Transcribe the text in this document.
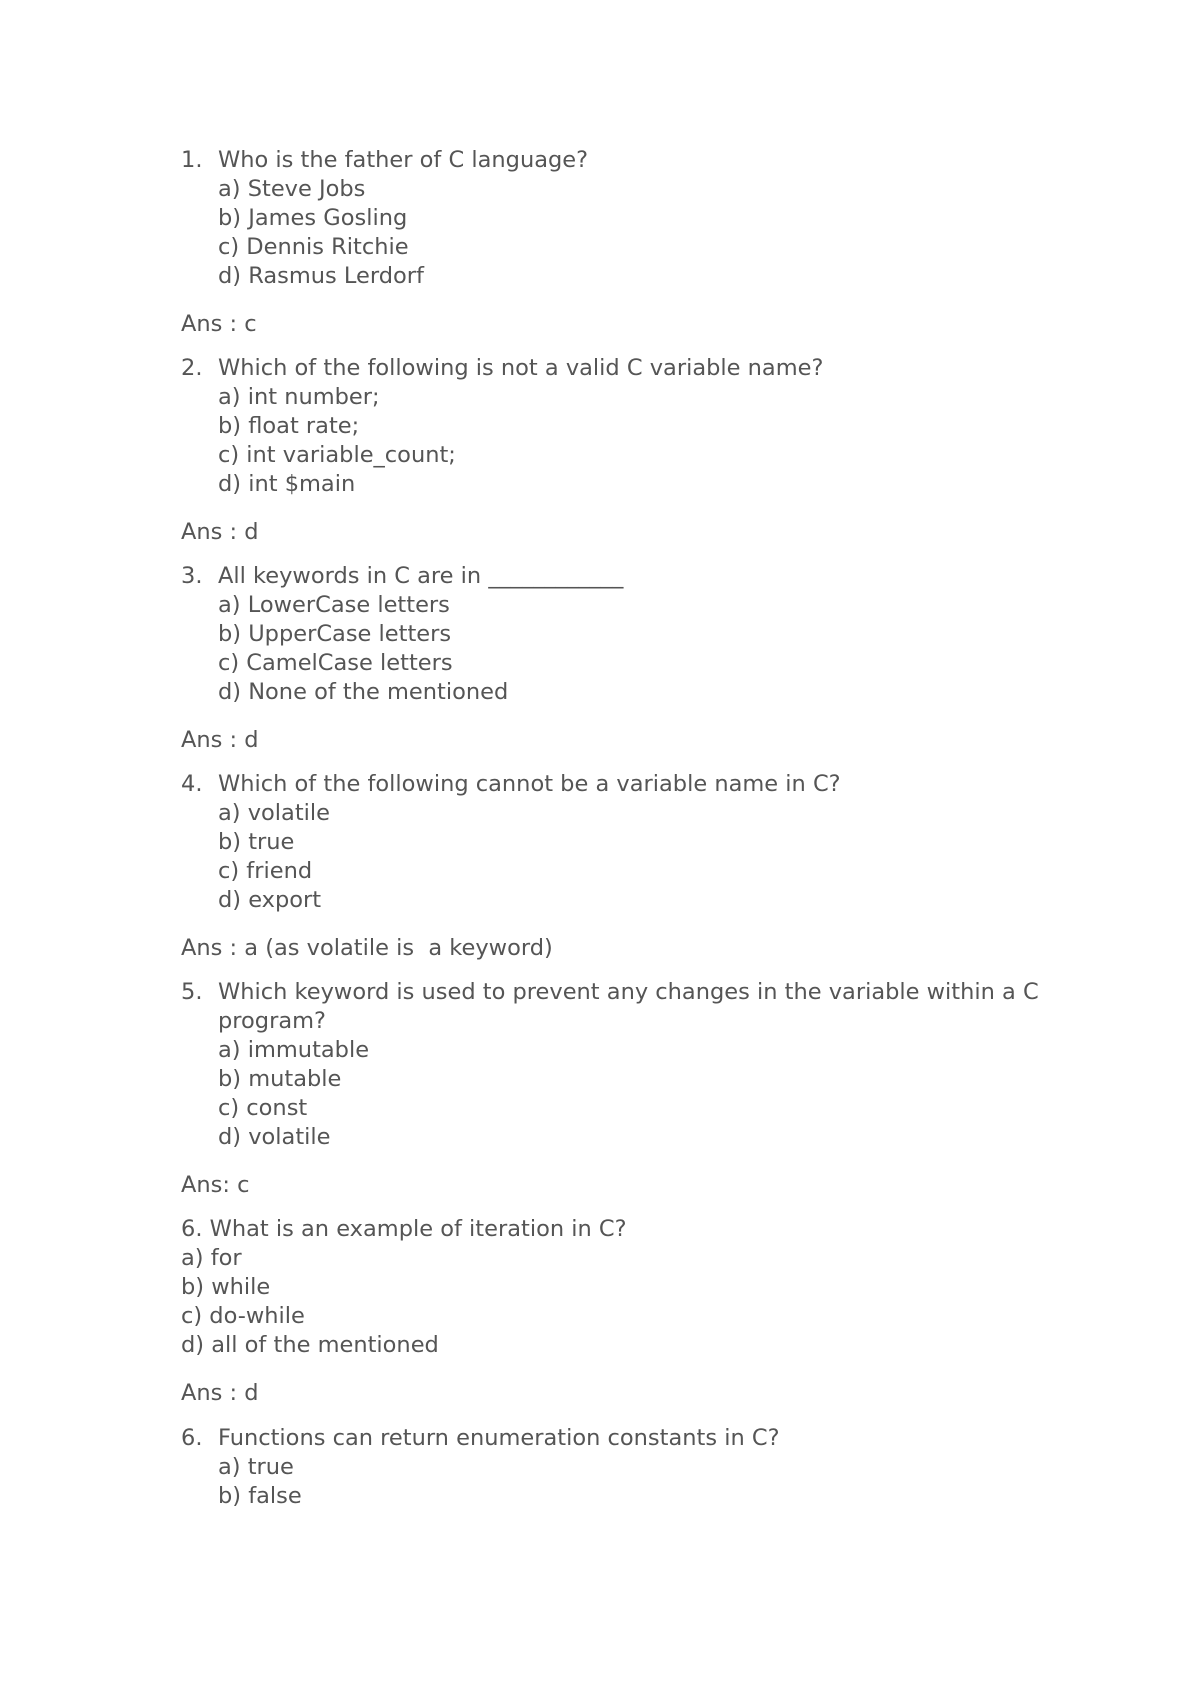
1. Who is the father of C language?
a) Steve Jobs
b) James Gosling
c) Dennis Ritchie
d) Rasmus Lerdorf
Ans : c
2. Which of the following is not a valid C variable name?
a) int number;
b) float rate;
c) int variable_count;
d) int $main
Ans : d
3. All keywords in C are in ____________
a) LowerCase letters
b) UpperCase letters
c) CamelCase letters
d) None of the mentioned
Ans : d
4. Which of the following cannot be a variable name in C?
a) volatile
b) true
c) friend
d) export
Ans : a (as volatile is  a keyword)
5. Which keyword is used to prevent any changes in the variable within a C program?
a) immutable
b) mutable
c) const
d) volatile
Ans: c
6. What is an example of iteration in C?
a) for
b) while
c) do-while
d) all of the mentioned
Ans : d
6. Functions can return enumeration constants in C?
a) true
b) false
